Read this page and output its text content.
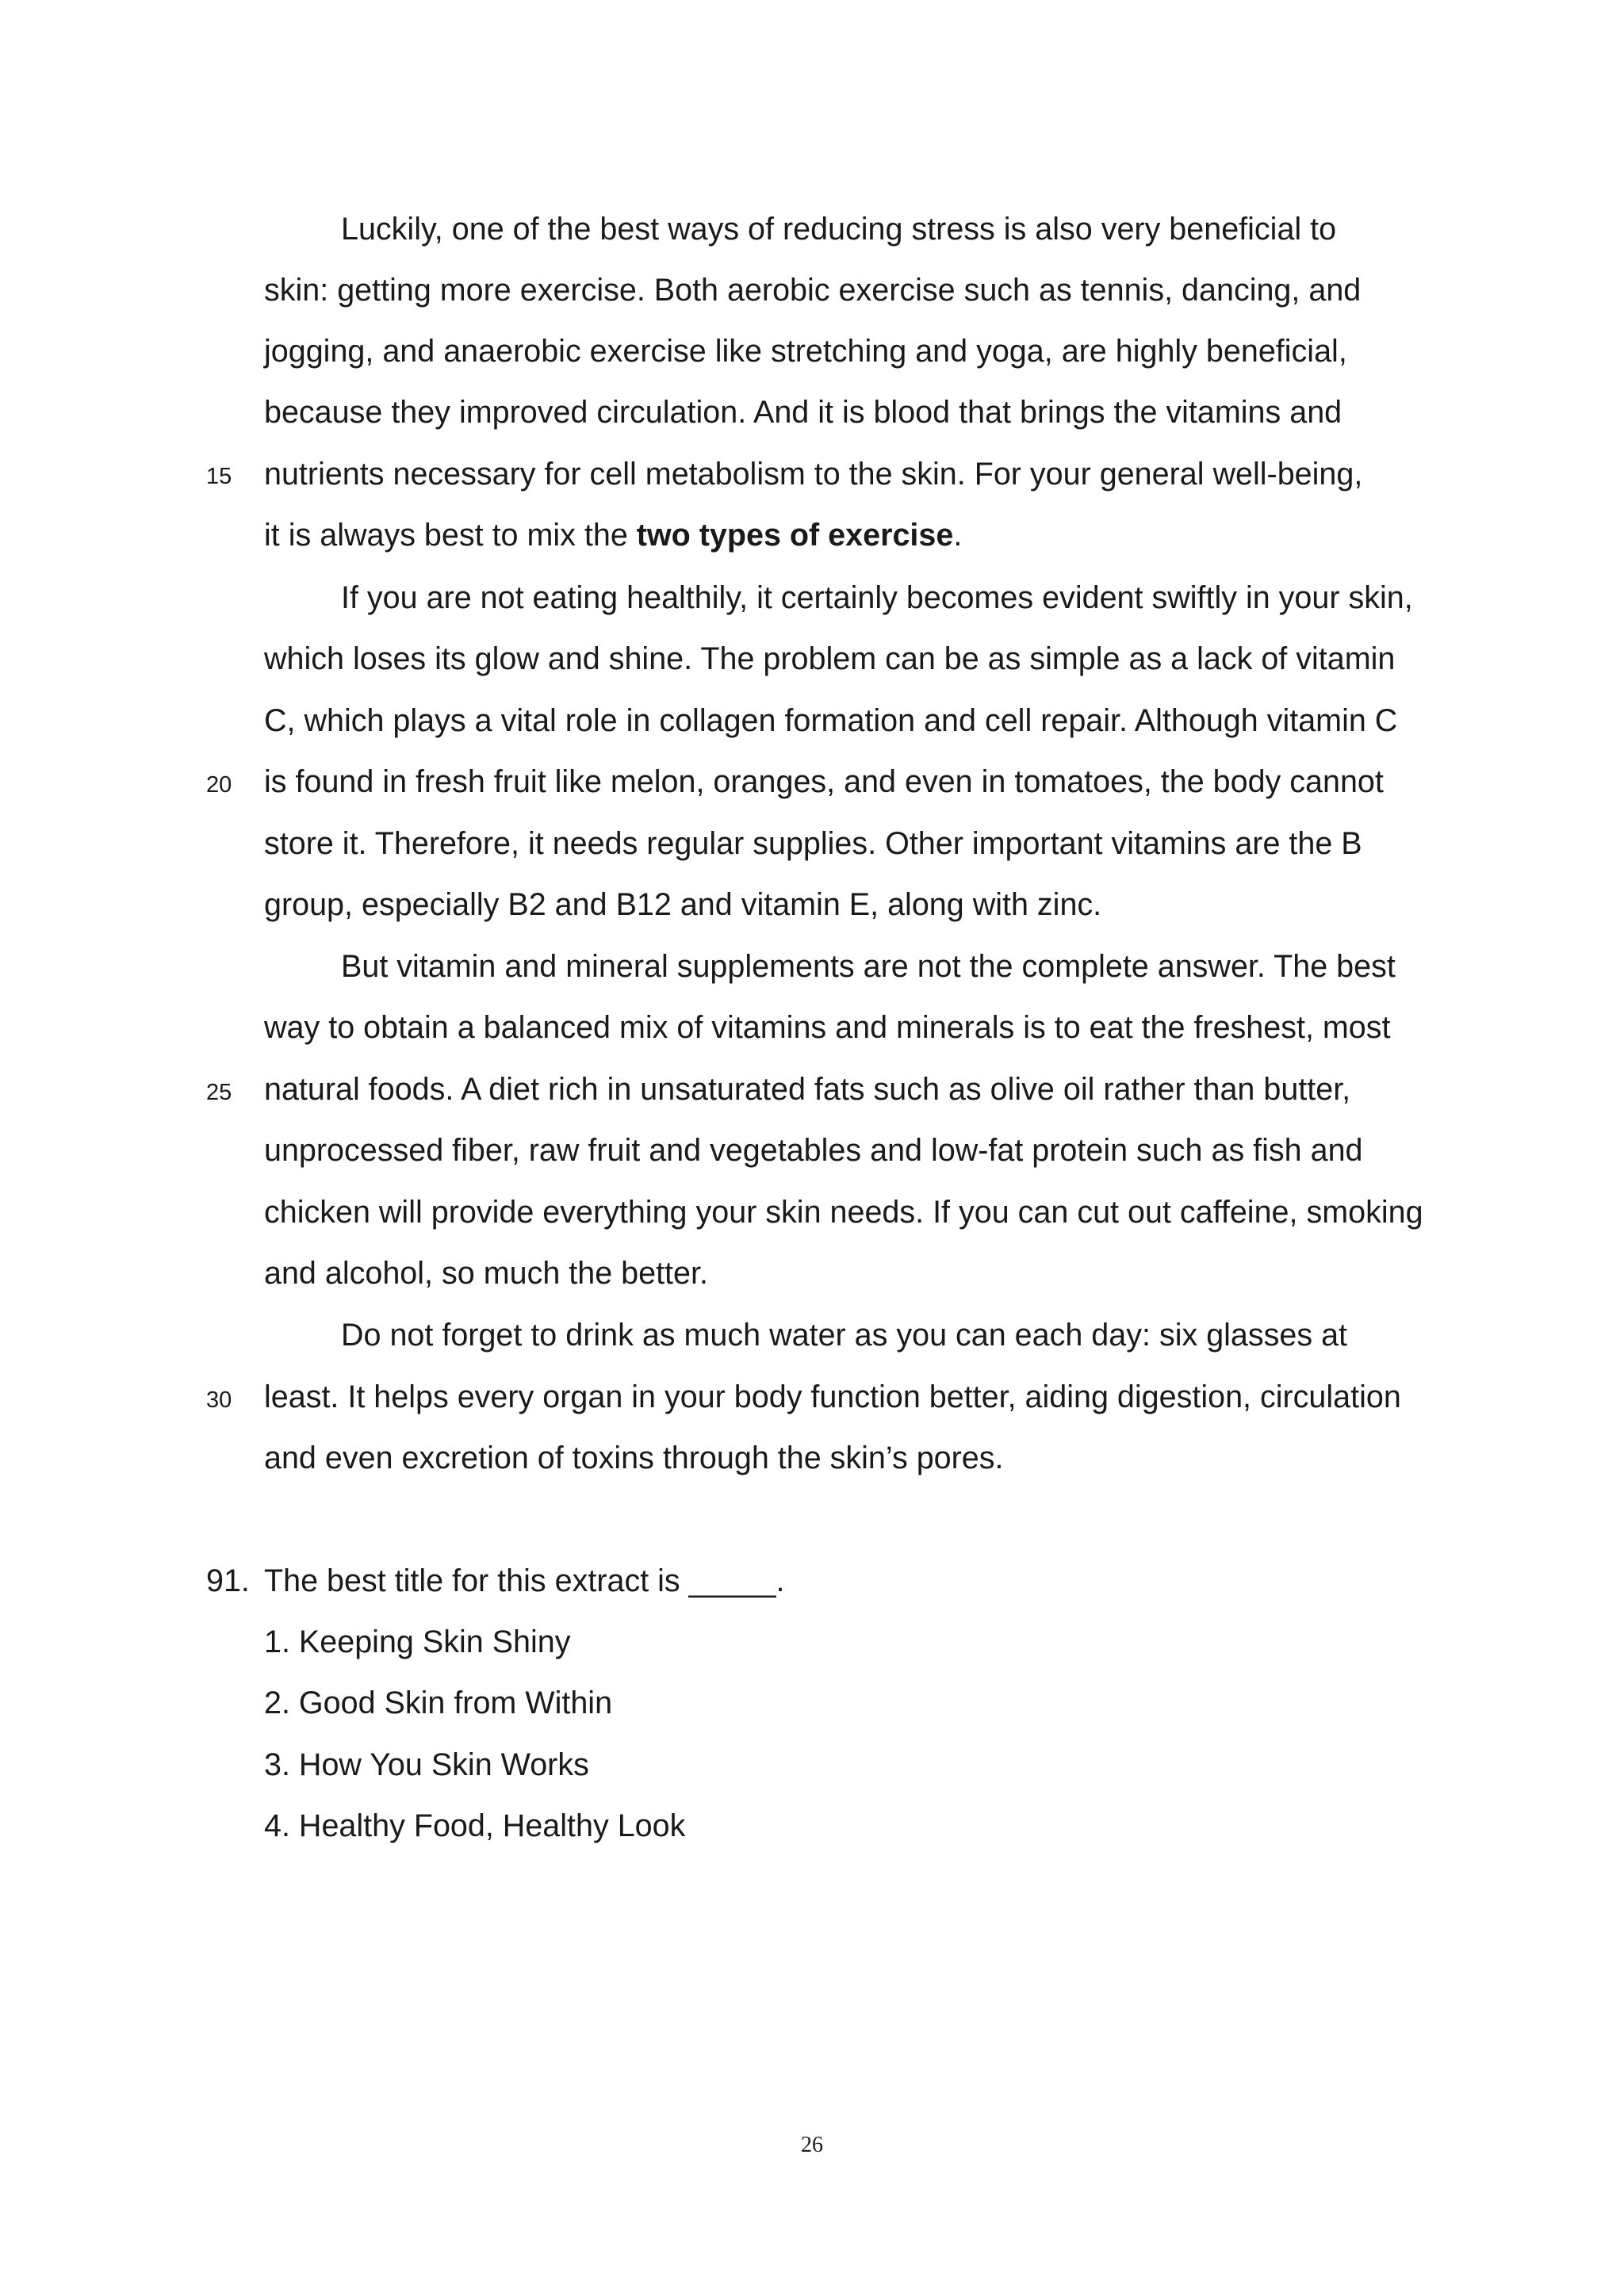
Luckily, one of the best ways of reducing stress is also very beneficial to
skin: getting more exercise. Both aerobic exercise such as tennis, dancing, and
jogging, and anaerobic exercise like stretching and yoga, are highly beneficial,
because they improved circulation. And it is blood that brings the vitamins and
15 nutrients necessary for cell metabolism to the skin. For your general well-being,
it is always best to mix the two types of exercise.
If you are not eating healthily, it certainly becomes evident swiftly in your skin,
which loses its glow and shine. The problem can be as simple as a lack of vitamin
C, which plays a vital role in collagen formation and cell repair. Although vitamin C
20 is found in fresh fruit like melon, oranges, and even in tomatoes, the body cannot
store it. Therefore, it needs regular supplies. Other important vitamins are the B
group, especially B2 and B12 and vitamin E, along with zinc.
But vitamin and mineral supplements are not the complete answer. The best
way to obtain a balanced mix of vitamins and minerals is to eat the freshest, most
25 natural foods. A diet rich in unsaturated fats such as olive oil rather than butter,
unprocessed fiber, raw fruit and vegetables and low-fat protein such as fish and
chicken will provide everything your skin needs. If you can cut out caffeine, smoking
and alcohol, so much the better.
Do not forget to drink as much water as you can each day: six glasses at
30 least. It helps every organ in your body function better, aiding digestion, circulation
and even excretion of toxins through the skin’s pores.
91. The best title for this extract is _____.
1. Keeping Skin Shiny
2. Good Skin from Within
3. How You Skin Works
4. Healthy Food, Healthy Look
26
